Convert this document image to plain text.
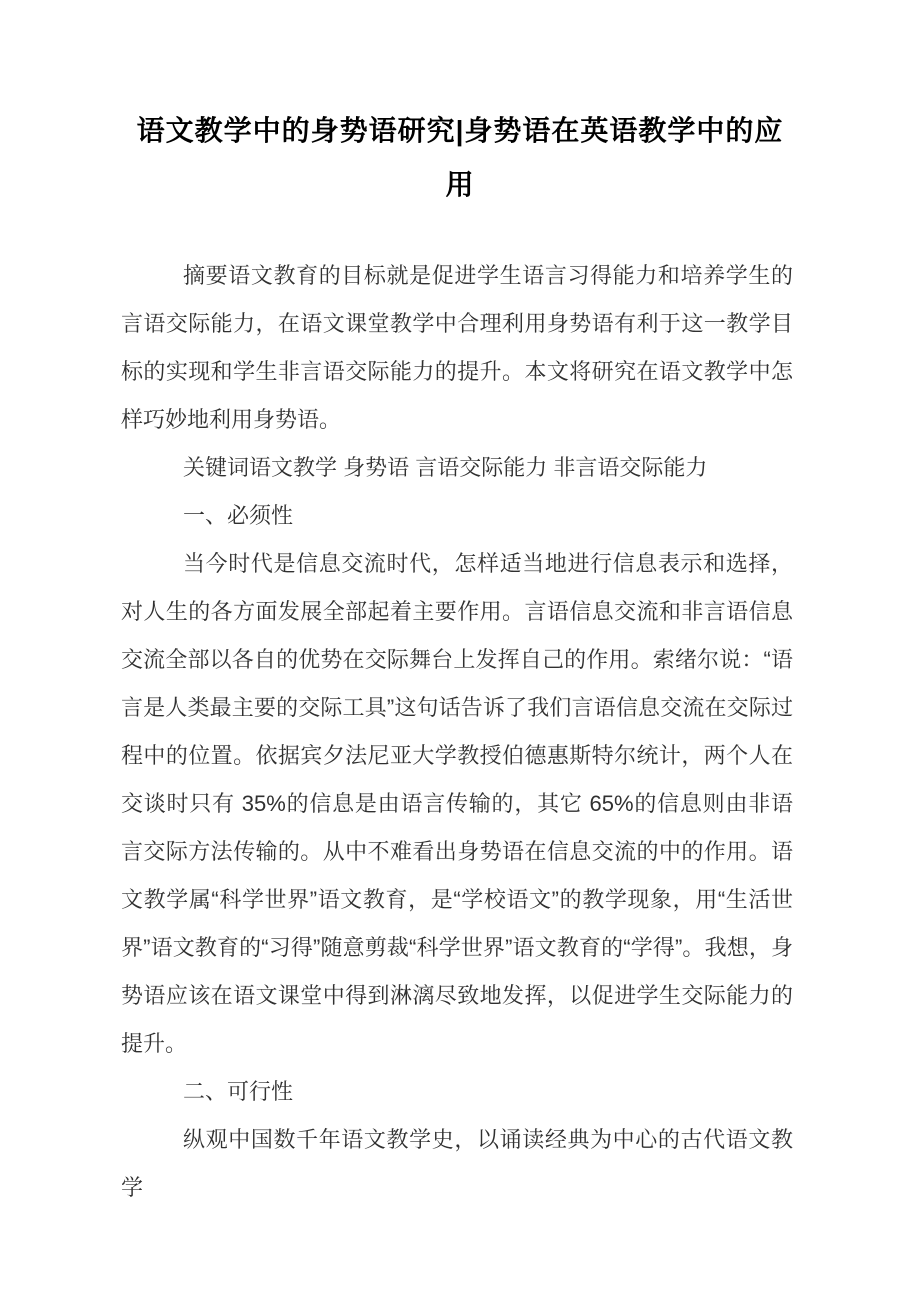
语文教学中的身势语研究|身势语在英语教学中的应
用

摘要语文教育的目标就是促进学生语言习得能力和培养学生的言语交际能力，在语文课堂教学中合理利用身势语有利于这一教学目标的实现和学生非言语交际能力的提升。本文将研究在语文教学中怎样巧妙地利用身势语。

关键词语文教学 身势语 言语交际能力 非言语交际能力

一、必须性

当今时代是信息交流时代，怎样适当地进行信息表示和选择，对人生的各方面发展全部起着主要作用。言语信息交流和非言语信息交流全部以各自的优势在交际舞台上发挥自己的作用。索绪尔说：“语言是人类最主要的交际工具”这句话告诉了我们言语信息交流在交际过程中的位置。依据宾夕法尼亚大学教授伯德惠斯特尔统计，两个人在交谈时只有 35%的信息是由语言传输的，其它 65%的信息则由非语言交际方法传输的。从中不难看出身势语在信息交流的中的作用。语文教学属“科学世界”语文教育，是“学校语文”的教学现象，用“生活世界”语文教育的“习得”随意剪裁“科学世界”语文教育的“学得”。我想，身势语应该在语文课堂中得到淋漓尽致地发挥，以促进学生交际能力的提升。

二、可行性

纵观中国数千年语文教学史，以诵读经典为中心的古代语文教学
